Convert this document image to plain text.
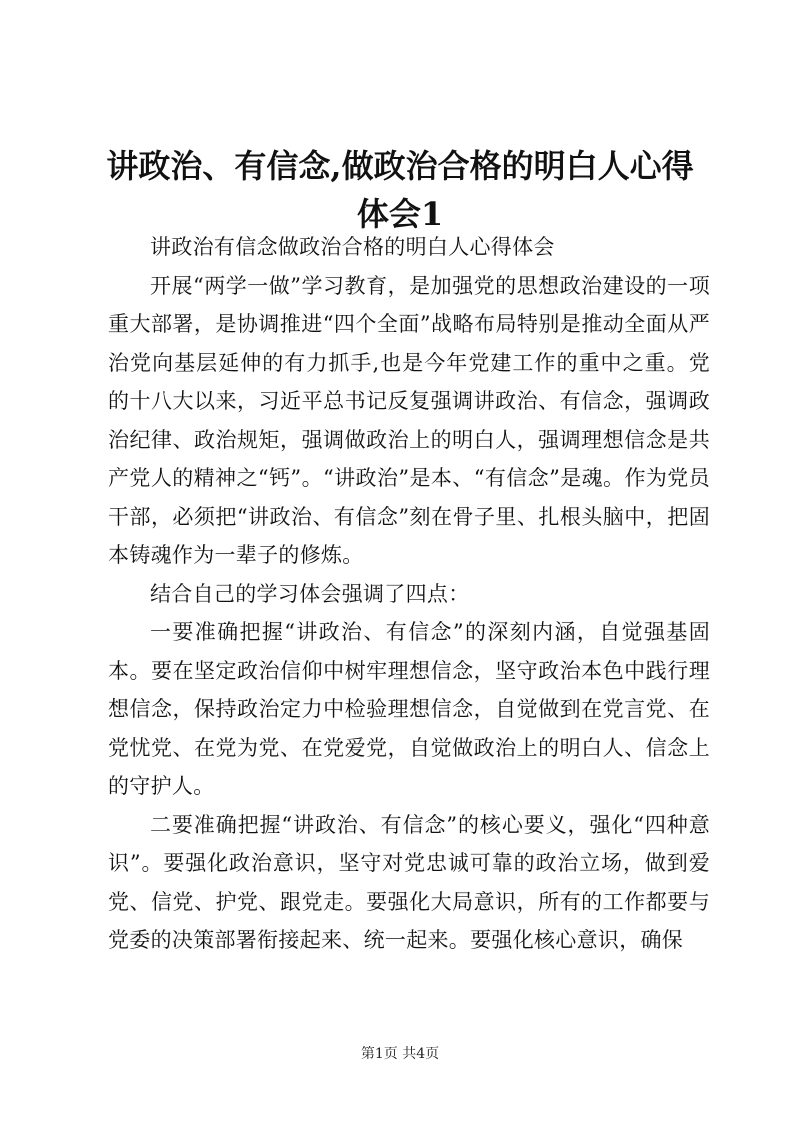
讲政治、有信念,做政治合格的明白人心得体会1

讲政治有信念做政治合格的明白人心得体会

开展“两学一做”学习教育，是加强党的思想政治建设的一项重大部署，是协调推进“四个全面”战略布局特别是推动全面从严治党向基层延伸的有力抓手,也是今年党建工作的重中之重。党的十八大以来，习近平总书记反复强调讲政治、有信念，强调政治纪律、政治规矩，强调做政治上的明白人，强调理想信念是共产党人的精神之“钙”。“讲政治”是本、“有信念”是魂。作为党员干部，必须把“讲政治、有信念”刻在骨子里、扎根头脑中，把固本铸魂作为一辈子的修炼。

结合自己的学习体会强调了四点：

一要准确把握“讲政治、有信念”的深刻内涵，自觉强基固本。要在坚定政治信仰中树牢理想信念，坚守政治本色中践行理想信念，保持政治定力中检验理想信念，自觉做到在党言党、在党忧党、在党为党、在党爱党，自觉做政治上的明白人、信念上的守护人。

二要准确把握“讲政治、有信念”的核心要义，强化“四种意识”。要强化政治意识，坚守对党忠诚可靠的政治立场，做到爱党、信党、护党、跟党走。要强化大局意识，所有的工作都要与党委的决策部署衔接起来、统一起来。要强化核心意识，确保

第1页 共4页
